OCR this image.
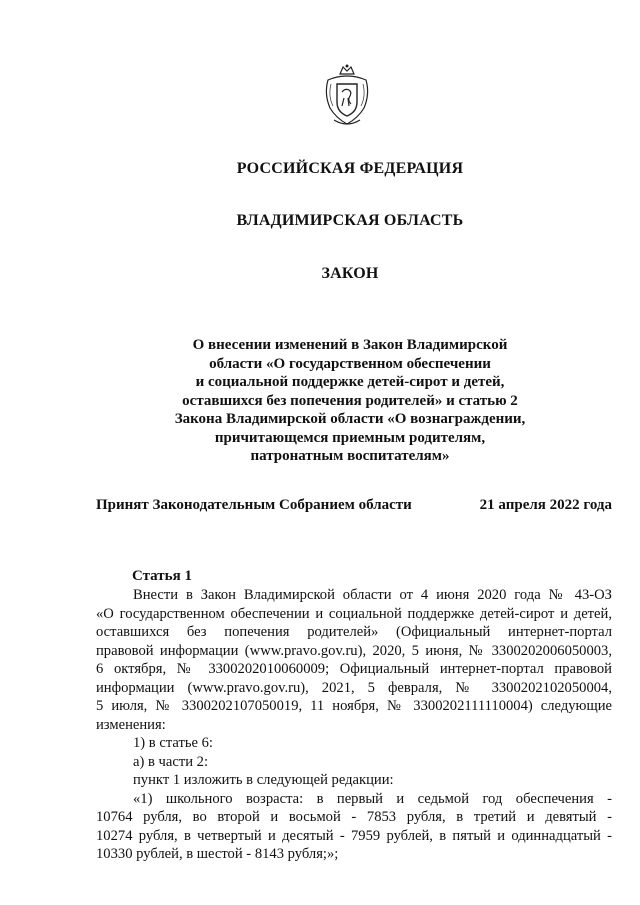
РОССИЙСКАЯ ФЕДЕРАЦИЯ
ВЛАДИМИРСКАЯ ОБЛАСТЬ
ЗАКОН
О внесении изменений в Закон Владимирской
области «О государственном обеспечении
и социальной поддержке детей-сирот и детей,
оставшихся без попечения родителей» и статью 2
Закона Владимирской области «О вознаграждении,
причитающемся приемным родителям,
патронатным воспитателям»
Принят Законодательным Собранием области	21 апреля 2022 года
Статья 1
Внести в Закон Владимирской области от 4 июня 2020 года № 43-ОЗ
«О государственном обеспечении и социальной поддержке детей-сирот и детей,
оставшихся без попечения родителей» (Официальный интернет-портал
правовой информации (www.pravo.gov.ru), 2020, 5 июня, № 3300202006050003,
6 октября, № 3300202010060009; Официальный интернет-портал правовой
информации (www.pravo.gov.ru), 2021, 5 февраля, № 3300202102050004,
5 июля, № 3300202107050019, 11 ноября, № 3300202111110004) следующие
изменения:
1) в статье 6:
а) в части 2:
пункт 1 изложить в следующей редакции:
«1) школьного возраста: в первый и седьмой год обеспечения -
10764 рубля, во второй и восьмой - 7853 рубля, в третий и девятый -
10274 рубля, в четвертый и десятый - 7959 рублей, в пятый и одиннадцатый -
10330 рублей, в шестой - 8143 рубля;»;
